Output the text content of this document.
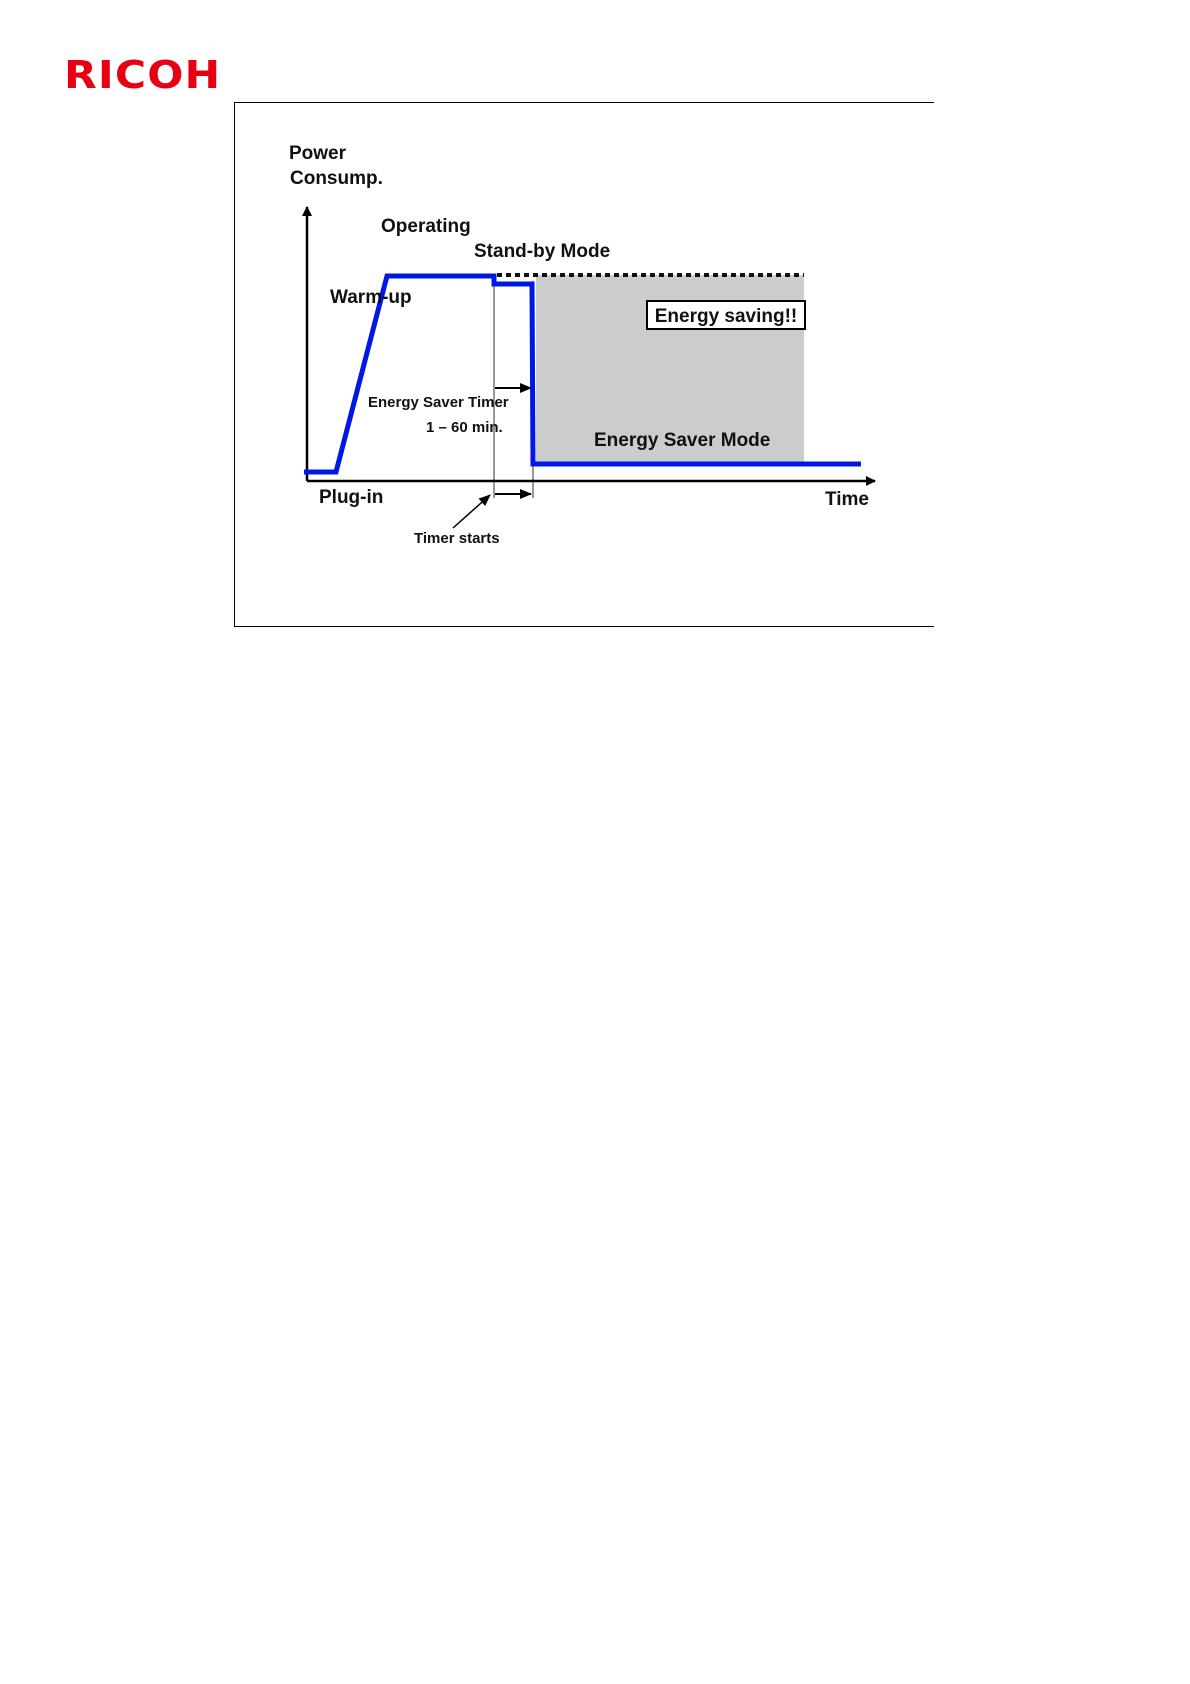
RICOH
Energy saving!!
Power
Consump.
Operating
Stand-by Mode
Warm-up
Energy Saver Timer
1 – 60 min.
Energy Saver Mode
Plug-in	Time
Timer starts
